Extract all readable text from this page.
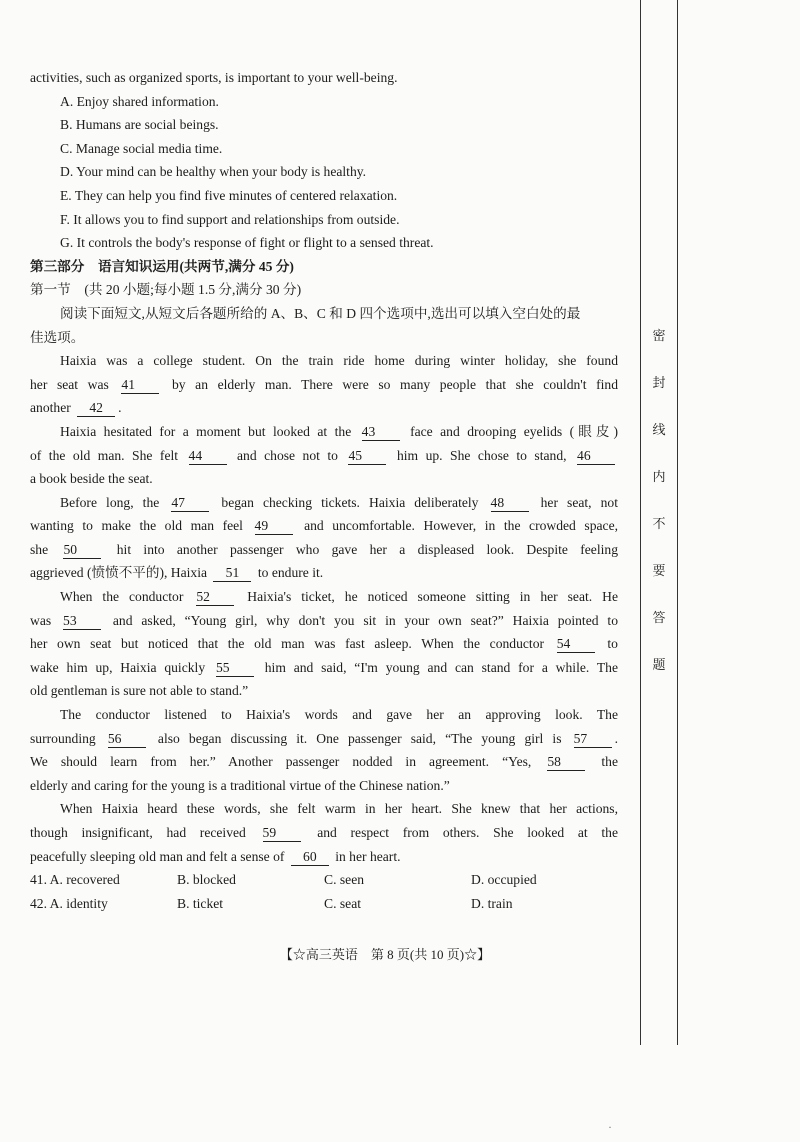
密
封
线
内
不
要
答
题
activities, such as organized sports, is important to your well-being.
A. Enjoy shared information.
B. Humans are social beings.
C. Manage social media time.
D. Your mind can be healthy when your body is healthy.
E. They can help you find five minutes of centered relaxation.
F. It allows you to find support and relationships from outside.
G. It controls the body's response of fight or flight to a sensed threat.
第三部分　语言知识运用(共两节,满分 45 分)
第一节　(共 20 小题;每小题 1.5 分,满分 30 分)
阅读下面短文,从短文后各题所给的 A、B、C 和 D 四个选项中,选出可以填入空白处的最
佳选项。
Haixia was a college student. On the train ride home during winter holiday, she found
her seat was 41 by an elderly man. There were so many people that she couldn't find
another 42 .
Haixia hesitated for a moment but looked at the 43 face and drooping eyelids (眼皮)
of the old man. She felt 44 and chose not to 45 him up. She chose to stand, 46
a book beside the seat.
Before long, the 47 began checking tickets. Haixia deliberately 48 her seat, not
wanting to make the old man feel 49 and uncomfortable. However, in the crowded space,
she 50 hit into another passenger who gave her a displeased look. Despite feeling
aggrieved (愤愤不平的), Haixia 51 to endure it.
When the conductor 52 Haixia's ticket, he noticed someone sitting in her seat. He
was 53 and asked, “Young girl, why don't you sit in your own seat?” Haixia pointed to
her own seat but noticed that the old man was fast asleep. When the conductor 54 to
wake him up, Haixia quickly 55 him and said, “I'm young and can stand for a while. The
old gentleman is sure not able to stand.”
The conductor listened to Haixia's words and gave her an approving look. The
surrounding 56 also began discussing it. One passenger said, “The young girl is 57 .
We should learn from her.” Another passenger nodded in agreement. “Yes, 58 the
elderly and caring for the young is a traditional virtue of the Chinese nation.”
When Haixia heard these words, she felt warm in her heart. She knew that her actions,
though insignificant, had received 59 and respect from others. She looked at the
peacefully sleeping old man and felt a sense of 60 in her heart.
41. A. recovered	B. blocked	C. seen	D. occupied
42. A. identity	B. ticket	C. seat	D. train
【☆高三英语　第 8 页(共 10 页)☆】
·
